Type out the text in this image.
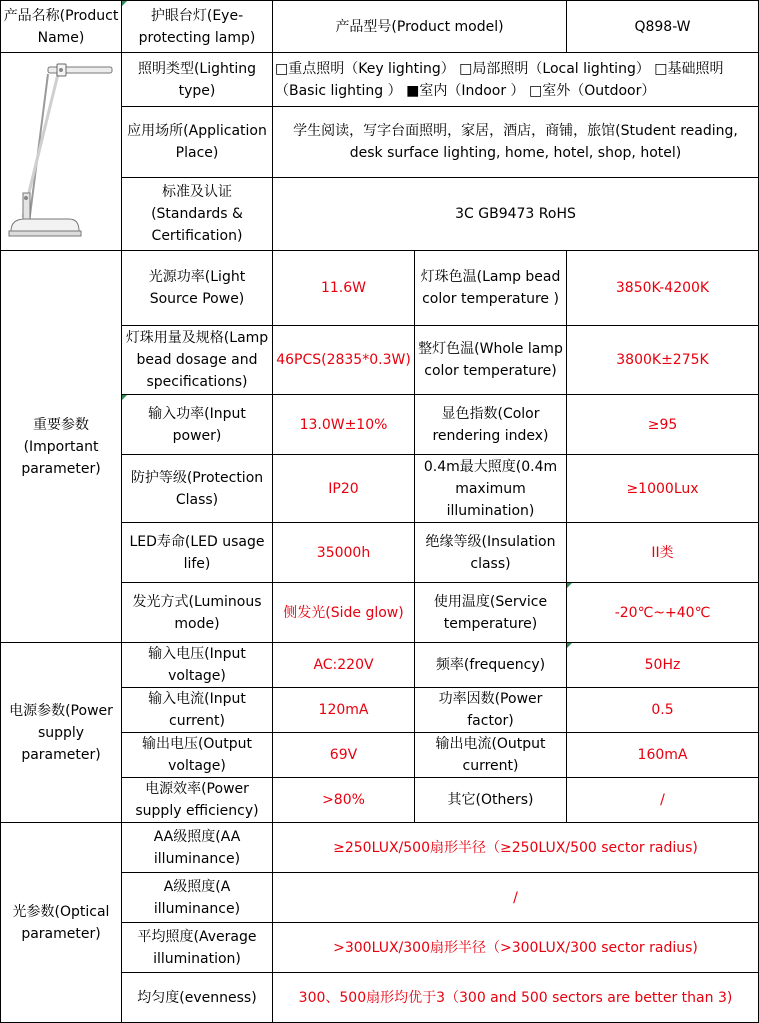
产品名称(Product Name)	护眼台灯(Eye-protecting lamp)	产品型号(Product model)		Q898-W
	照明类型(Lighting type)	□重点照明（Key lighting） □局部照明（Local lighting） □基础照明
（Basic lighting ） ■室内（Indoor ） □室外（Outdoor）		

	应用场所(Application Place)	学生阅读，写字台面照明，家居，酒店，商铺，旅馆(Student reading, desk surface lighting, home, hotel, shop, hotel)		
	标准及认证(Standards & Certification)	3C GB9473 RoHS		
重要参数(Important parameter)	光源功率(Light Source Powe)	11.6W	灯珠色温(Lamp bead color temperature )	3850K-4200K
	灯珠用量及规格(Lamp bead dosage and specifications)	46PCS(2835*0.3W)	整灯色温(Whole lamp color temperature)	3800K±275K
	输入功率(Input power)	13.0W±10%	显色指数(Color rendering index)	≥95
	防护等级(Protection Class)	IP20	0.4m最大照度(0.4m maximum illumination)	≥1000Lux
	LED寿命(LED usage life)	35000h	绝缘等级(Insulation class)	II类
	发光方式(Luminous mode)	侧发光(Side glow)	使用温度(Service temperature)	-20℃~+40℃
电源参数(Power supply parameter)	输入电压(Input voltage)	AC:220V	频率(frequency)	50Hz
	输入电流(Input current)	120mA	功率因数(Power factor)	0.5
	输出电压(Output voltage)	69V	输出电流(Output current)	160mA
	电源效率(Power supply efficiency)	>80%	其它(Others)	/
光参数(Optical parameter)	AA级照度(AA illuminance)	≥250LUX/500扇形半径（≥250LUX/500 sector radius)		
	A级照度(A illuminance)	/		
	平均照度(Average illumination)	>300LUX/300扇形半径（>300LUX/300 sector radius)		
	均匀度(evenness)	300、500扇形均优于3（300 and 500 sectors are better than 3)		
